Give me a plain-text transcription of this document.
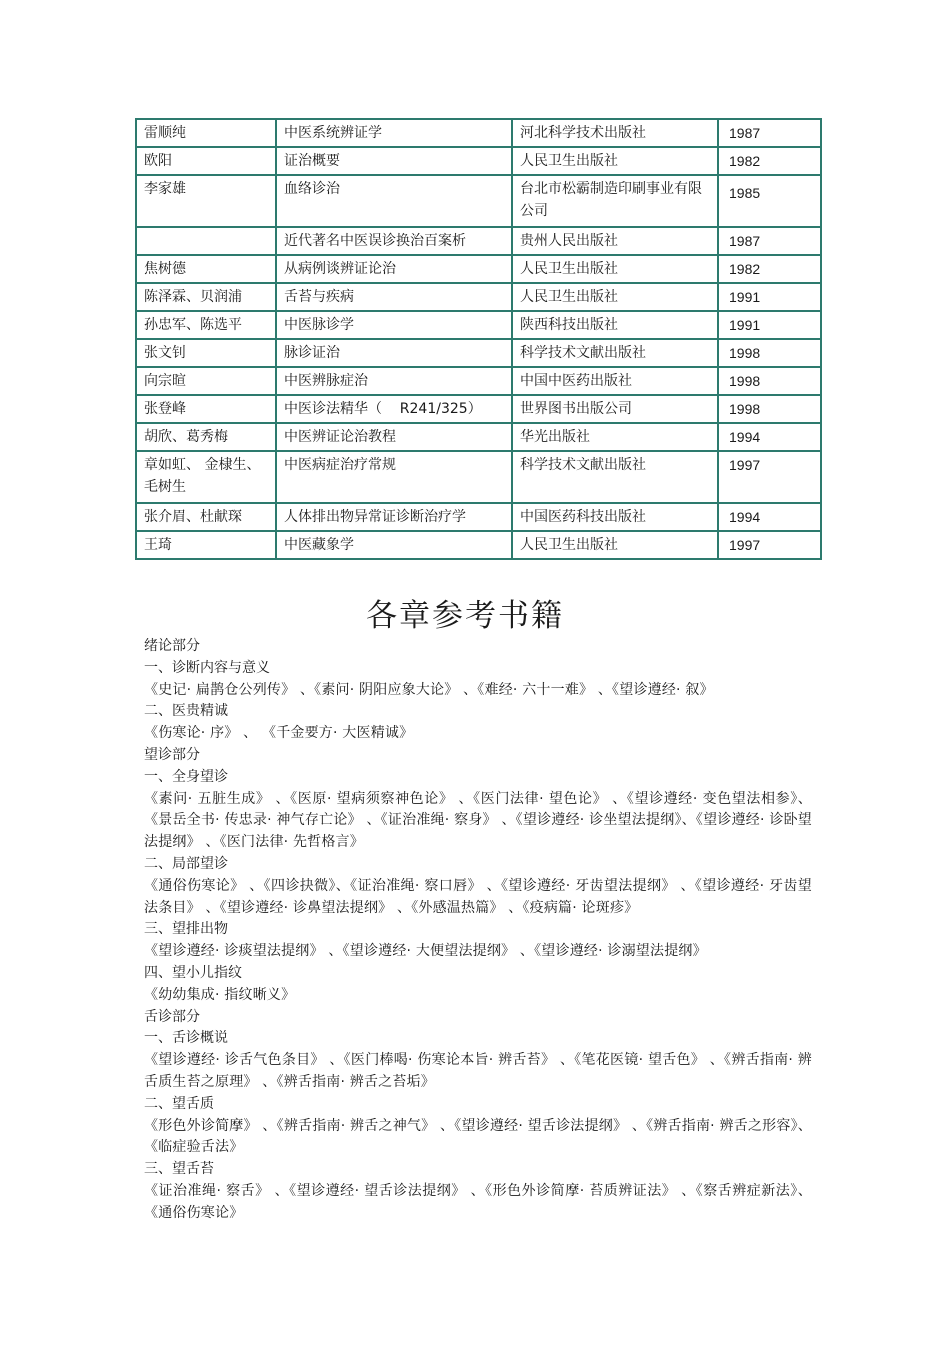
雷顺纯	中医系统辨证学	河北科学技术出版社	1987
欧阳	证治概要	人民卫生出版社	1982
李家雄	血络诊治	台北市松霸制造印刷事业有限公司	1985
	近代著名中医误诊换治百案析	贵州人民出版社	1987
焦树德	从病例谈辨证论治	人民卫生出版社	1982
陈泽霖、贝润浦	舌苔与疾病	人民卫生出版社	1991
孙忠军、陈选平	中医脉诊学	陕西科技出版社	1991
张文钊	脉诊证治	科学技术文献出版社	1998
向宗暄	中医辨脉症治	中国中医药出版社	1998
张登峰	中医诊法精华（    R241/325）	世界图书出版公司	1998
胡欣、葛秀梅	中医辨证论治教程	华光出版社	1994
章如虹、 金棣生、毛树生	中医病症治疗常规	科学技术文献出版社	1997
张介眉、杜献琛	人体排出物异常证诊断治疗学	中国医药科技出版社	1994
王琦	中医藏象学	人民卫生出版社	1997
各章参考书籍
绪论部分
一、诊断内容与意义
《史记· 扁鹊仓公列传》 、《素问· 阴阳应象大论》 、《难经· 六十一难》 、《望诊遵经· 叙》
二、医贵精诚
《伤寒论· 序》 、 《千金要方· 大医精诚》
望诊部分
一、全身望诊
《素问· 五脏生成》 、《医原· 望病须察神色论》 、《医门法律· 望色论》 、《望诊遵经· 变色望法相参》、《景岳全书· 传忠录· 神气存亡论》 、《证治准绳· 察身》 、《望诊遵经· 诊坐望法提纲》、《望诊遵经· 诊卧望法提纲》 、《医门法律· 先哲格言》
二、局部望诊
《通俗伤寒论》 、《四诊抉微》、《证治准绳· 察口唇》 、《望诊遵经· 牙齿望法提纲》 、《望诊遵经· 牙齿望法条目》 、《望诊遵经· 诊鼻望法提纲》 、《外感温热篇》 、《疫病篇· 论斑疹》
三、望排出物
《望诊遵经· 诊痰望法提纲》 、《望诊遵经· 大便望法提纲》 、《望诊遵经· 诊溺望法提纲》
四、望小儿指纹
《幼幼集成· 指纹晰义》
舌诊部分
一、舌诊概说
《望诊遵经· 诊舌气色条目》 、《医门棒喝· 伤寒论本旨· 辨舌苔》 、《笔花医镜· 望舌色》 、《辨舌指南· 辨舌质生苔之原理》 、《辨舌指南· 辨舌之苔垢》
二、望舌质
《形色外诊简摩》 、《辨舌指南· 辨舌之神气》 、《望诊遵经· 望舌诊法提纲》 、《辨舌指南· 辨舌之形容》、《临症验舌法》
三、望舌苔
《证治准绳· 察舌》 、《望诊遵经· 望舌诊法提纲》 、《形色外诊简摩· 苔质辨证法》 、《察舌辨症新法》、《通俗伤寒论》
